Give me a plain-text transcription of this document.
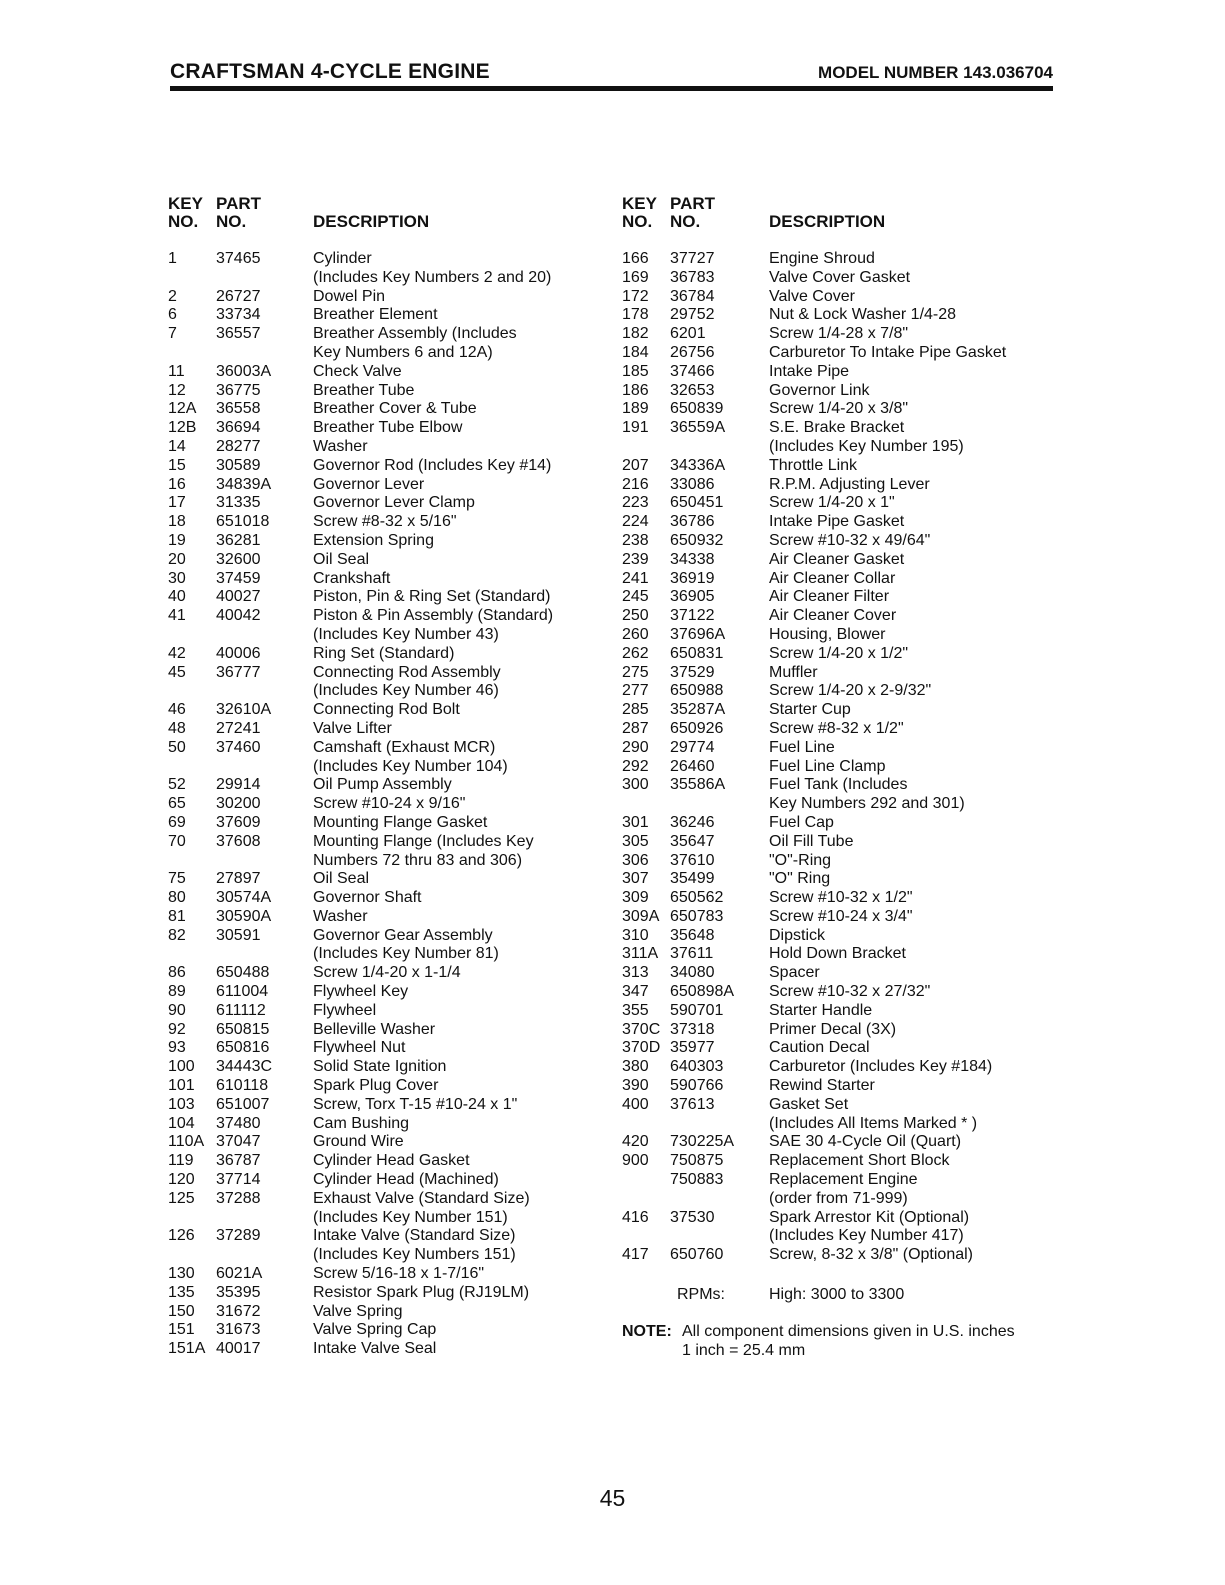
CRAFTSMAN 4-CYCLE ENGINE	MODEL NUMBER 143.036704
KEY
NO.
PART
NO.	DESCRIPTION
1 37465	Cylinder
(Includes Key Numbers 2 and 20)
2 26727	Dowel Pin
6 33734	Breather Element
7 36557	Breather Assembly (Includes
Key Numbers 6 and 12A)
11 36003A	Check Valve
12 36775	Breather Tube
12A 36558	Breather Cover & Tube
12B 36694	Breather Tube Elbow
14 28277	Washer
15 30589	Governor Rod (Includes Key #14)
16 34839A	Governor Lever
17 31335	Governor Lever Clamp
18 651018	Screw #8-32 x 5/16"
19 36281	Extension Spring
20 32600	Oil Seal
30 37459	Crankshaft
40 40027	Piston, Pin & Ring Set (Standard)
41 40042	Piston & Pin Assembly (Standard)
(Includes Key Number 43)
42 40006	Ring Set (Standard)
45 36777	Connecting Rod Assembly
(Includes Key Number 46)
46 32610A	Connecting Rod Bolt
48 27241	Valve Lifter
50 37460	Camshaft (Exhaust MCR)
(Includes Key Number 104)
52 29914	Oil Pump Assembly
65 30200	Screw #10-24 x 9/16"
69 37609	Mounting Flange Gasket
70 37608	Mounting Flange (Includes Key
Numbers 72 thru 83 and 306)
75 27897	Oil Seal
80 30574A	Governor Shaft
81 30590A	Washer
82 30591	Governor Gear Assembly
(Includes Key Number 81)
86 650488	Screw 1/4-20 x 1-1/4
89 611004	Flywheel Key
90 611112	Flywheel
92 650815	Belleville Washer
93 650816	Flywheel Nut
100 34443C	Solid State Ignition
101 610118	Spark Plug Cover
103 651007	Screw, Torx T-15 #10-24 x 1"
104 37480	Cam Bushing
110A 37047	Ground Wire
119 36787	Cylinder Head Gasket
120 37714	Cylinder Head (Machined)
125 37288	Exhaust Valve (Standard Size)
(Includes Key Number 151)
126 37289	Intake Valve (Standard Size)
(Includes Key Numbers 151)
130 6021A	Screw 5/16-18 x 1-7/16"
135 35395	Resistor Spark Plug (RJ19LM)
150 31672	Valve Spring
151 31673	Valve Spring Cap
151A 40017	Intake Valve Seal
KEY
NO.
PART
NO.	DESCRIPTION
166 37727	Engine Shroud
169 36783	Valve Cover Gasket
172 36784	Valve Cover
178 29752	Nut & Lock Washer 1/4-28
182 6201	Screw 1/4-28 x 7/8"
184 26756	Carburetor To Intake Pipe Gasket
185 37466	Intake Pipe
186 32653	Governor Link
189 650839	Screw 1/4-20 x 3/8"
191 36559A	S.E. Brake Bracket
(Includes Key Number 195)
207 34336A	Throttle Link
216 33086	R.P.M. Adjusting Lever
223 650451	Screw 1/4-20 x 1"
224 36786	Intake Pipe Gasket
238 650932	Screw #10-32 x 49/64"
239 34338	Air Cleaner Gasket
241 36919	Air Cleaner Collar
245 36905	Air Cleaner Filter
250 37122	Air Cleaner Cover
260 37696A	Housing, Blower
262 650831	Screw 1/4-20 x 1/2"
275 37529	Muffler
277 650988	Screw 1/4-20 x 2-9/32"
285 35287A	Starter Cup
287 650926	Screw #8-32 x 1/2"
290 29774	Fuel Line
292 26460	Fuel Line Clamp
300 35586A	Fuel Tank (Includes
Key Numbers 292 and 301)
301 36246	Fuel Cap
305 35647	Oil Fill Tube
306 37610	"O"-Ring
307 35499	"O" Ring
309 650562	Screw #10-32 x 1/2"
309A 650783	Screw #10-24 x 3/4"
310 35648	Dipstick
311A 37611	Hold Down Bracket
313 34080	Spacer
347 650898A Screw #10-32 x 27/32"
355 590701	Starter Handle
370C 37318	Primer Decal (3X)
370D 35977	Caution Decal
380 640303	Carburetor (Includes Key #184)
390 590766	Rewind Starter
400 37613	Gasket Set
(Includes All Items Marked * )
420 730225A SAE 30 4-Cycle Oil (Quart)
900 750875	Replacement Short Block
750883	Replacement Engine
(order from 71-999)
416 37530	Spark Arrestor Kit (Optional)
(Includes Key Number 417)
417 650760	Screw, 8-32 x 3/8" (Optional)
RPMs:	High: 3000 to 3300
NOTE: All component dimensions given in U.S. inches
1 inch = 25.4 mm
45
